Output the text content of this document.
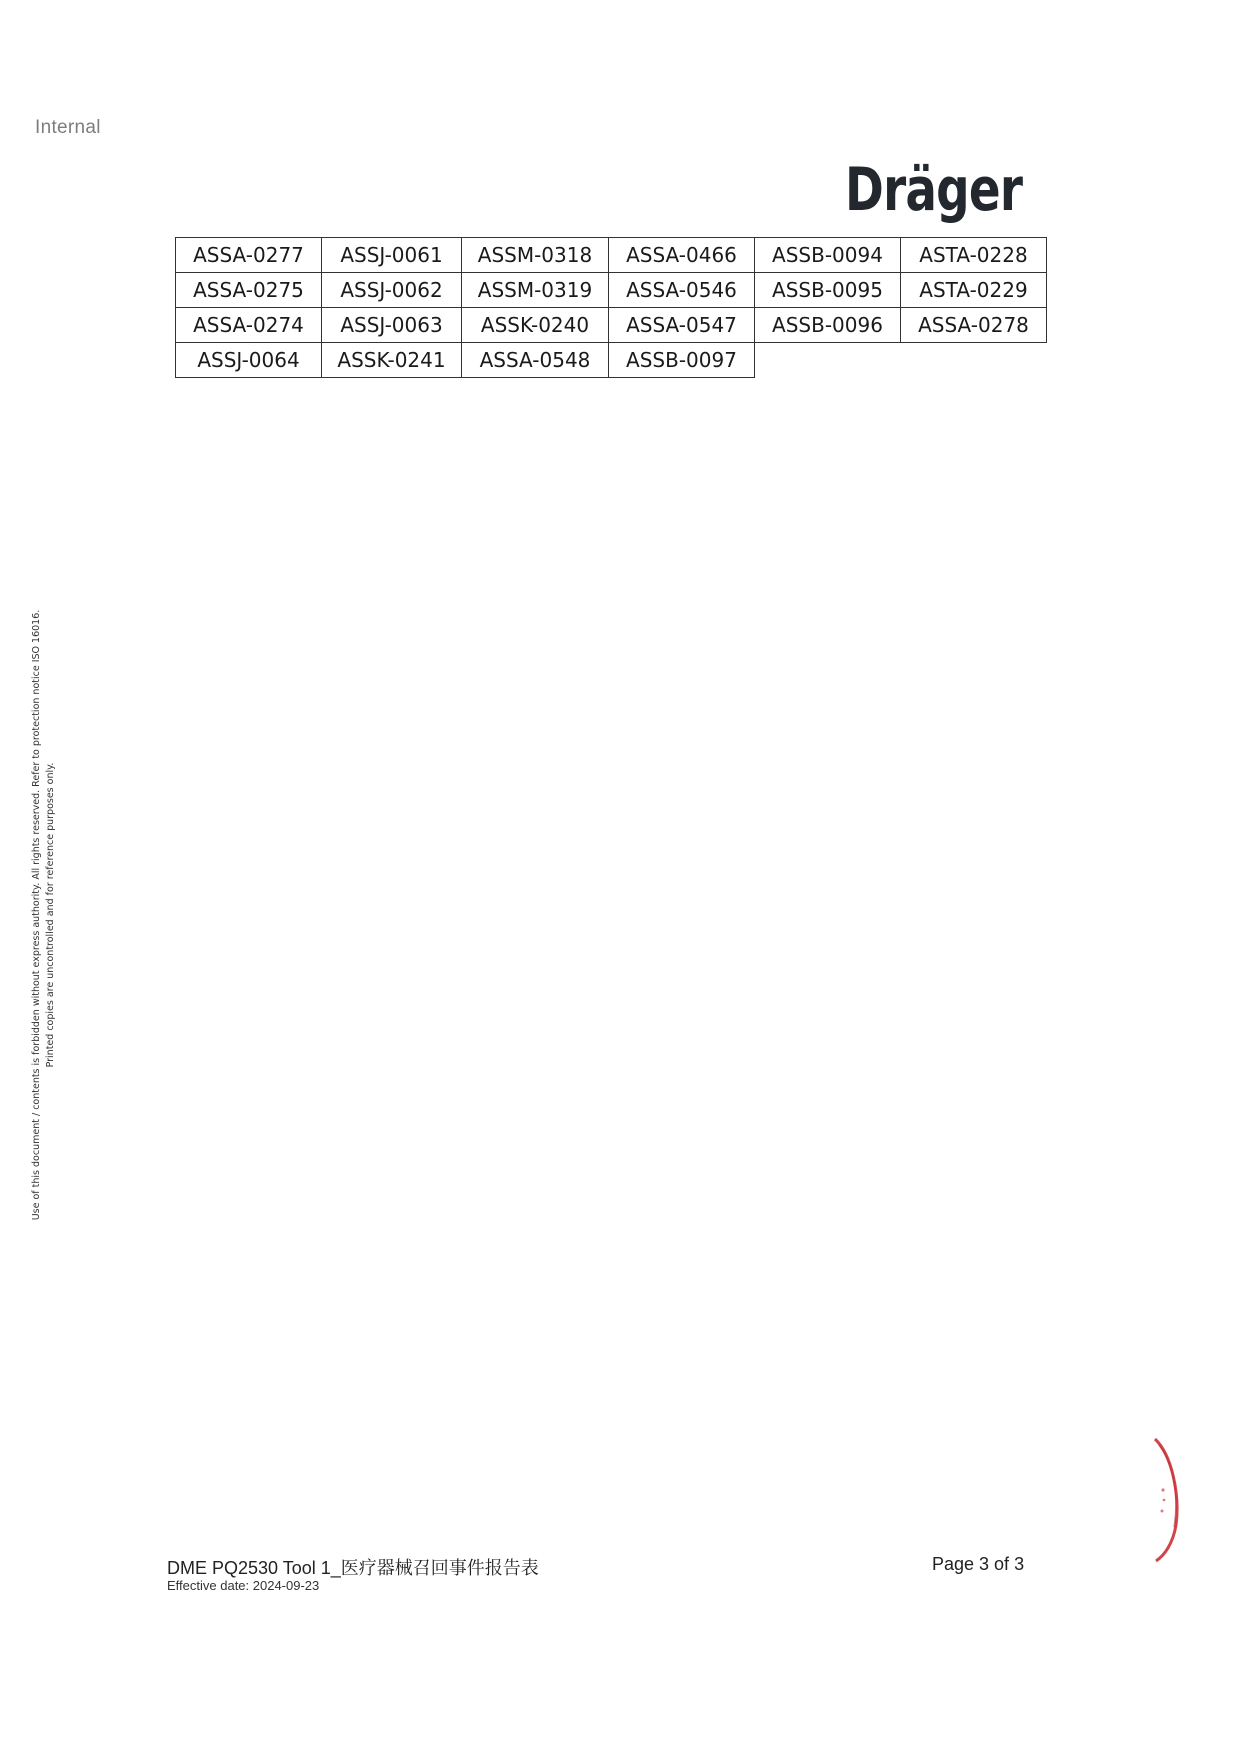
Internal
Dräger
ASSA-0277	ASSJ-0061	ASSM-0318	ASSA-0466	ASSB-0094	ASTA-0228
ASSA-0275	ASSJ-0062	ASSM-0319	ASSA-0546	ASSB-0095	ASTA-0229
ASSA-0274	ASSJ-0063	ASSK-0240	ASSA-0547	ASSB-0096	ASSA-0278
ASSJ-0064	ASSK-0241	ASSA-0548	ASSB-0097		
Use of this document / contents is forbidden without express authority. All rights reserved. Refer to protection notice ISO 16016. Printed copies are uncontrolled and for reference purposes only.
DME PQ2530 Tool 1_医疗器械召回事件报告表
Effective date: 2024-09-23
Page 3 of 3
